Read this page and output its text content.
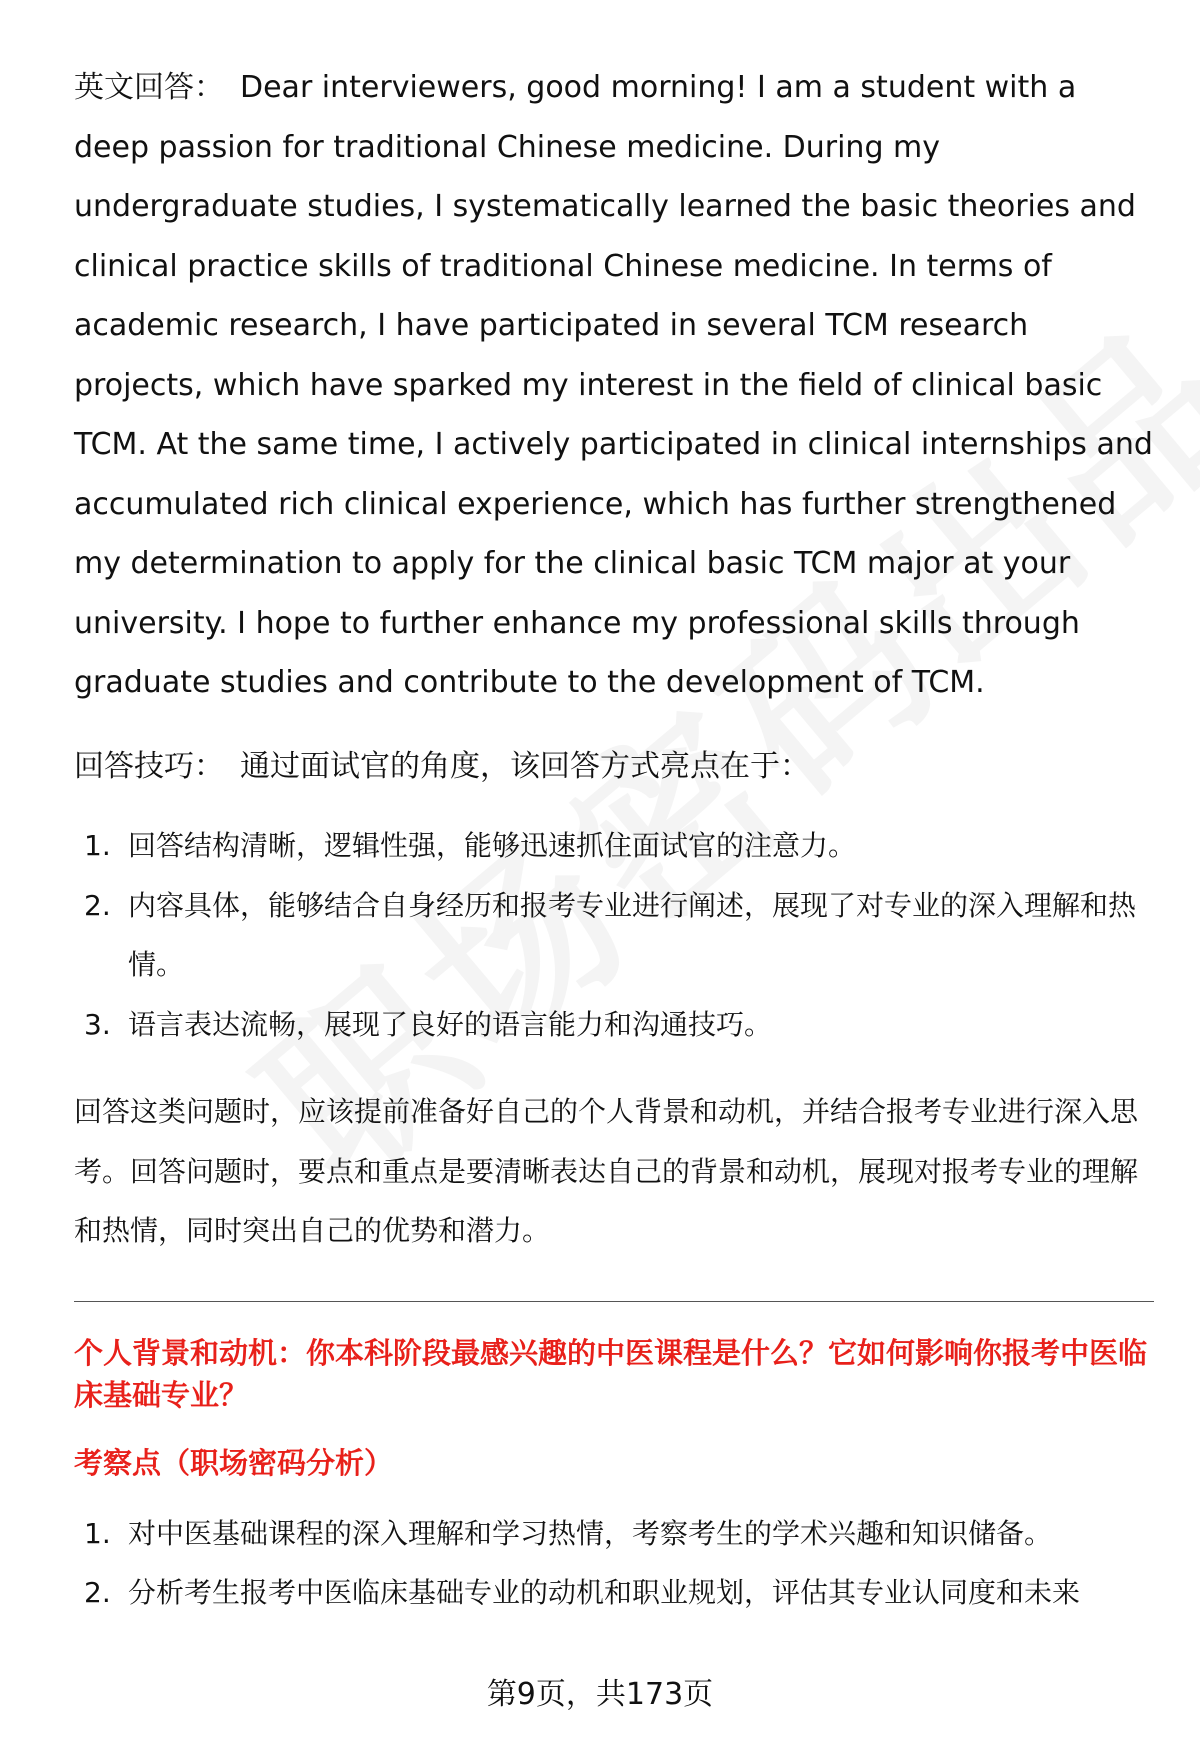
英文回答： Dear interviewers, good morning! I am a student with a deep passion for traditional Chinese medicine. During my undergraduate studies, I systematically learned the basic theories and clinical practice skills of traditional Chinese medicine. In terms of academic research, I have participated in several TCM research projects, which have sparked my interest in the field of clinical basic TCM. At the same time, I actively participated in clinical internships and accumulated rich clinical experience, which has further strengthened my determination to apply for the clinical basic TCM major at your university. I hope to further enhance my professional skills through graduate studies and contribute to the development of TCM.

回答技巧： 通过面试官的角度，该回答方式亮点在于：

1. 回答结构清晰，逻辑性强，能够迅速抓住面试官的注意力。
2. 内容具体，能够结合自身经历和报考专业进行阐述，展现了对专业的深入理解和热情。
3. 语言表达流畅，展现了良好的语言能力和沟通技巧。

回答这类问题时，应该提前准备好自己的个人背景和动机，并结合报考专业进行深入思考。回答问题时，要点和重点是要清晰表达自己的背景和动机，展现对报考专业的理解和热情，同时突出自己的优势和潜力。

个人背景和动机：你本科阶段最感兴趣的中医课程是什么？它如何影响你报考中医临床基础专业？

考察点（职场密码分析）

1. 对中医基础课程的深入理解和学习热情，考察考生的学术兴趣和知识储备。
2. 分析考生报考中医临床基础专业的动机和职业规划，评估其专业认同度和未来
第9页，共173页
